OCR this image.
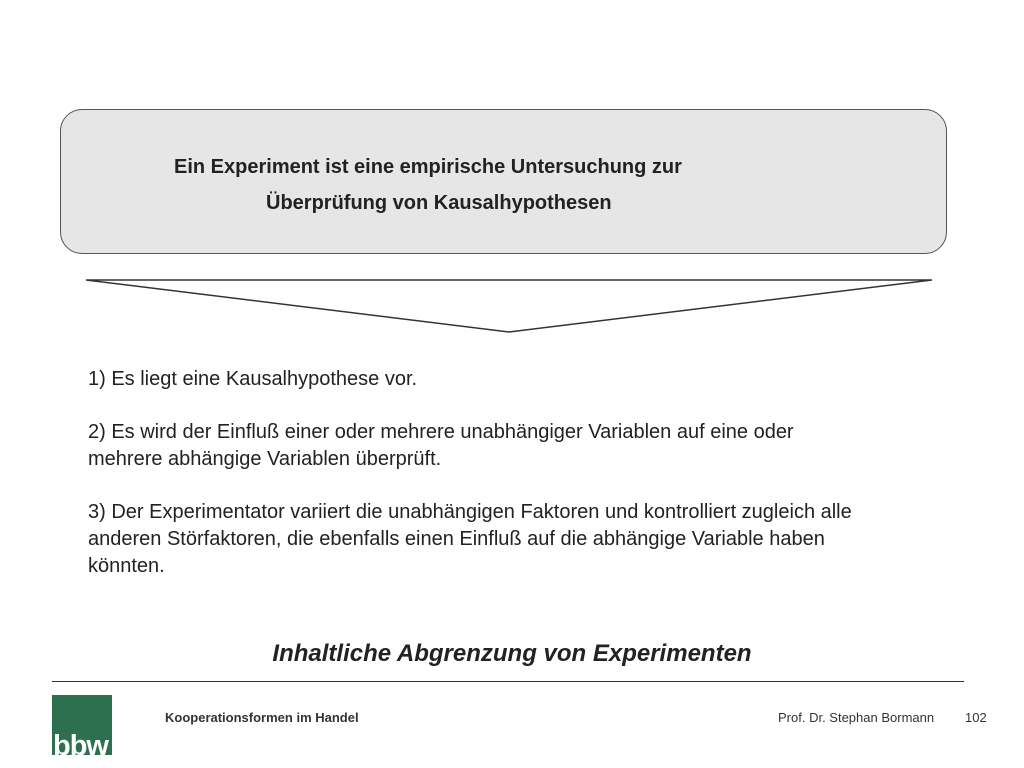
Ein Experiment ist eine empirische Untersuchung zur
Überprüfung von Kausalhypothesen
1) Es liegt eine Kausalhypothese vor.
2) Es wird der Einfluß einer oder mehrere unabhängiger Variablen auf eine oder
mehrere abhängige Variablen überprüft.
3) Der Experimentator variiert die unabhängigen Faktoren und kontrolliert zugleich alle
anderen Störfaktoren, die ebenfalls einen Einfluß auf die abhängige Variable haben
könnten.
Inhaltliche Abgrenzung von Experimenten
bbw
Kooperationsformen im Handel	Prof. Dr. Stephan Bormann 102
